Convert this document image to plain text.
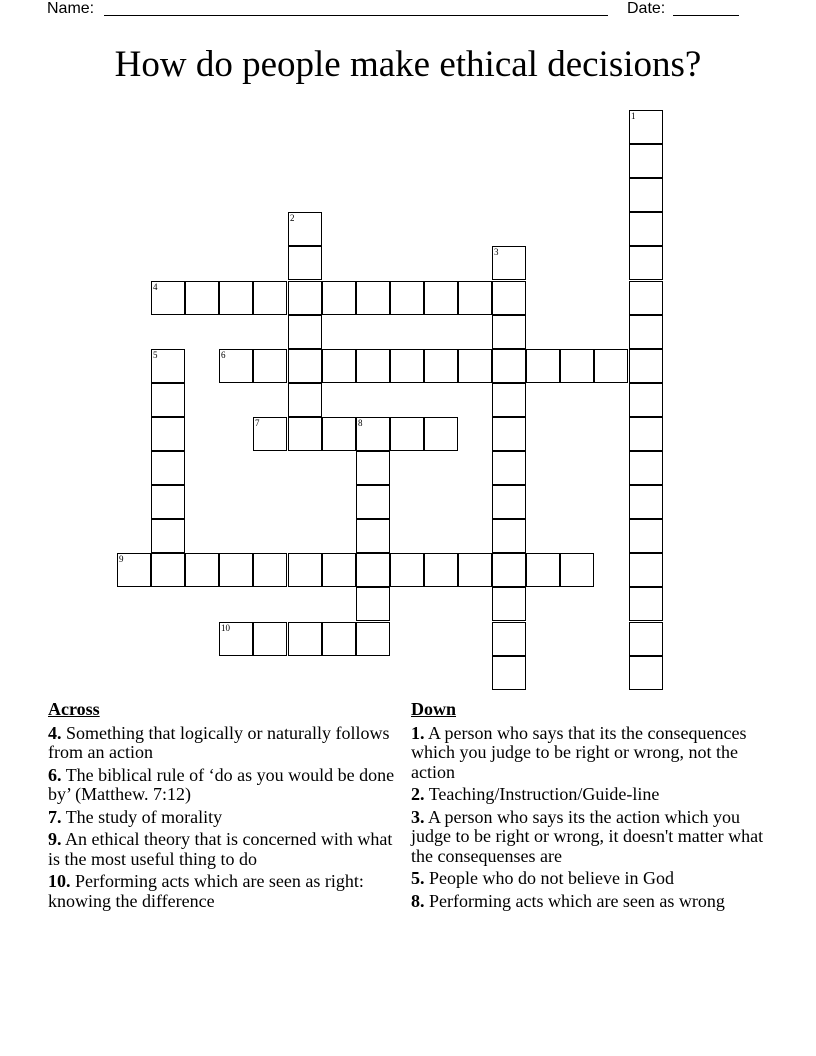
Name:	Date:
How do people make ethical decisions?
1
2
3
4
5	6
7	8
9
10
Across
4. Something that logically or naturally follows from an action
6. The biblical rule of ‘do as you would be done by’ (Matthew. 7:12)
7. The study of morality
9. An ethical theory that is concerned with what is the most useful thing to do
10. Performing acts which are seen as right: knowing the difference
Down
1. A person who says that its the consequences which you judge to be right or wrong, not the action
2. Teaching/Instruction/Guide-line
3. A person who says its the action which you judge to be right or wrong, it doesn't matter what the consequenses are
5. People who do not believe in God
8. Performing acts which are seen as wrong
